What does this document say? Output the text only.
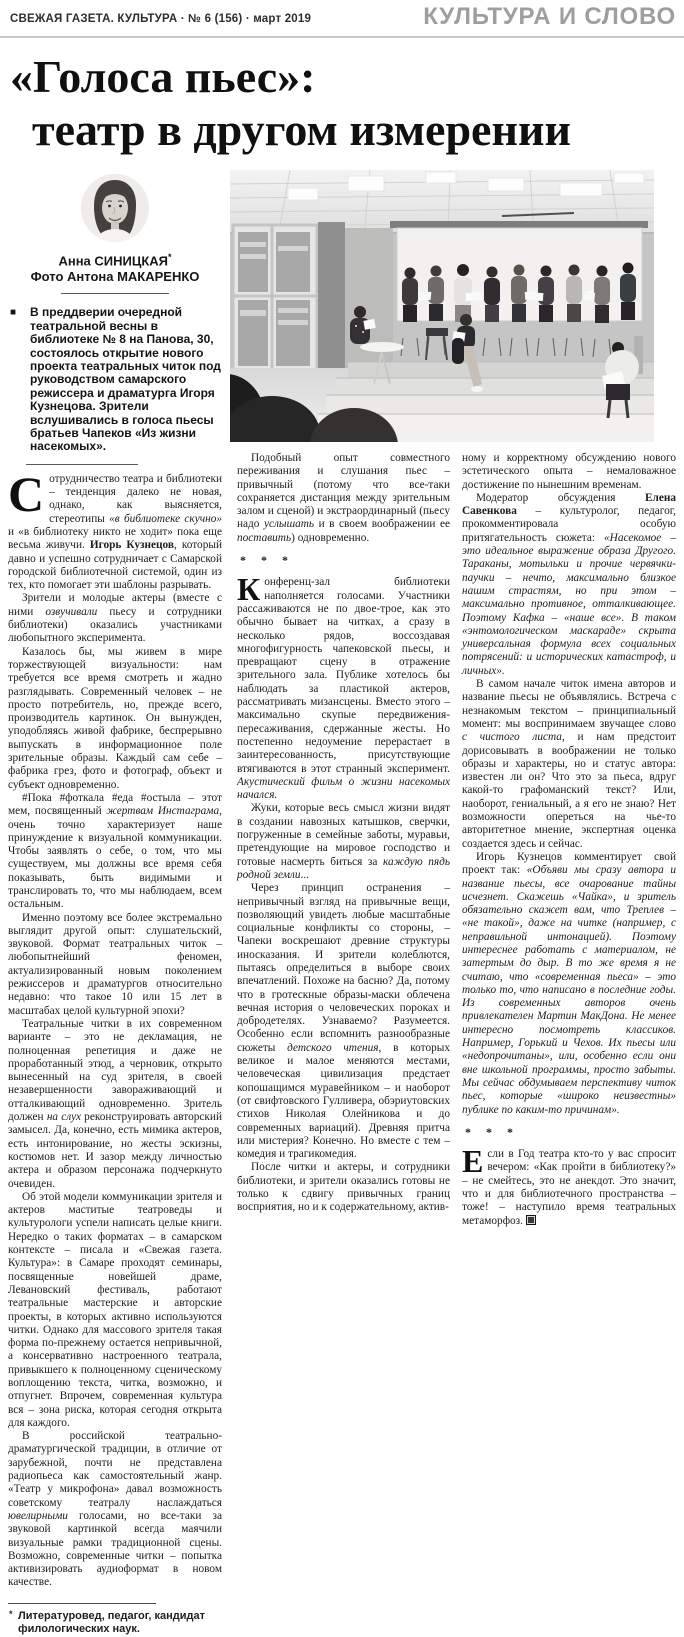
СВЕЖАЯ ГАЗЕТА. КУЛЬТУРА · № 6 (156) · март 2019	КУЛЬТУРА И СЛОВО
«Голоса пьес»:
театр в другом измерении
Анна СИНИЦКАЯ*
Фото Антона МАКАРЕНКО
■ В преддверии очередной театральной весны в библиотеке № 8 на Панова, 30, состоялось открытие нового проекта театральных читок под руководством самарского режиссера и драматурга Игоря Кузнецова. Зрители вслушивались в голоса пьесы братьев Чапеков «Из жизни насекомых».

Сотрудничество театра и библиотеки – тенденция далеко не новая, однако, как выясняется, стереотипы «в библиотеке скучно» и «в библиотеку никто не ходит» пока еще весьма живучи. Игорь Кузнецов, который давно и успешно сотрудничает с Самарской городской библиотечной системой, один из тех, кто помогает эти шаблоны разрывать.

Зрители и молодые актеры (вместе с ними озвучивали пьесу и сотрудники библиотеки) оказались участниками любопытного эксперимента.

Казалось бы, мы живем в мире торжествующей визуальности: нам требуется все время смотреть и жадно разглядывать. Современный человек – не просто потребитель, но, прежде всего, производитель картинок. Он вынужден, уподобляясь живой фабрике, беспрерывно выпускать в информационное поле зрительные образы. Каждый сам себе – фабрика грез, фото и фотограф, объект и субъект одновременно.

#Пока #фоткала #еда #остыла – этот мем, посвященный жертвам Инстаграма, очень точно характеризует наше принуждение к визуальной коммуникации. Чтобы заявлять о себе, о том, что мы существуем, мы должны все время себя показывать, быть видимыми и транслировать то, что мы наблюдаем, всем остальным.

Именно поэтому все более экстремально выглядит другой опыт: слушательский, звуковой. Формат театральных читок – любопытнейший феномен, актуализированный новым поколением режиссеров и драматургов относительно недавно: что такое 10 или 15 лет в масштабах целой культурной эпохи?

Театральные читки в их современном варианте – это не декламация, не полноценная репетиция и даже не проработанный этюд, а черновик, открыто вынесенный на суд зрителя, в своей незавершенности завораживающий и отталкивающий одновременно. Зритель должен на слух реконструировать авторский замысел. Да, конечно, есть мимика актеров, есть интонирование, но жесты эскизны, костюмов нет. И зазор между личностью актера и образом персонажа подчеркнуто очевиден.

Об этой модели коммуникации зрителя и актеров маститые театроведы и культурологи успели написать целые книги. Нередко о таких форматах – в самарском контексте – писала и «Свежая газета. Культура»: в Самаре проходят семинары, посвященные новейшей драме, Левановский фестиваль, работают театральные мастерские и авторские проекты, в которых активно используются читки. Однако для массового зрителя такая форма по-прежнему остается непривычной, а консервативно настроенного театрала, привыкшего к полноценному сценическому воплощению текста, читка, возможно, и отпугнет. Впрочем, современная культура вся – зона риска, которая сегодня открыта для каждого.

В российской театрально-драматургической традиции, в отличие от зарубежной, почти не представлена радиопьеса как самостоятельный жанр. «Театр у микрофона» давал возможность советскому театралу наслаждаться ювелирными голосами, но все-таки за звуковой картинкой всегда маячили визуальные рамки традиционной сцены. Возможно, современные читки – попытка активизировать аудиоформат в новом качестве.

* Литературовед, педагог, кандидат филологических наук.

Подобный опыт совместного переживания и слушания пьес – привычный (потому что все-таки сохраняется дистанция между зрительным залом и сценой) и экстраординарный (пьесу надо услышать и в своем воображении ее поставить) одновременно.

* * *

Конференц-зал библиотеки наполняется голосами. Участники рассаживаются не по двое-трое, как это обычно бывает на читках, а сразу в несколько рядов, воссоздавая многофигурность чапековской пьесы, и превращают сцену в отражение зрительного зала. Публике хотелось бы наблюдать за пластикой актеров, рассматривать мизансцены. Вместо этого – максимально скупые передвижения-пересаживания, сдержанные жесты. Но постепенно недоумение перерастает в заинтересованность, присутствующие втягиваются в этот странный эксперимент. Акустический фильм о жизни насекомых начался.

Жуки, которые весь смысл жизни видят в создании навозных катышков, сверчки, погруженные в семейные заботы, муравьи, претендующие на мировое господство и готовые насмерть биться за каждую пядь родной земли...

Через принцип остранения – непривычный взгляд на привычные вещи, позволяющий увидеть любые масштабные социальные конфликты со стороны, – Чапеки воскрешают древние структуры иносказания. И зрители колеблются, пытаясь определиться в выборе своих впечатлений. Похоже на басню? Да, потому что в гротескные образы-маски облечена вечная история о человеческих пороках и добродетелях. Узнаваемо? Разумеется. Особенно если вспомнить разнообразные сюжеты детского чтения, в которых великое и малое меняются местами, человеческая цивилизация предстает копошащимся муравейником – и наоборот (от свифтовского Гулливера, обэриутовских стихов Николая Олейникова и до современных вариаций). Древняя притча или мистерия? Конечно. Но вместе с тем – комедия и трагикомедия.

После читки и актеры, и сотрудники библиотеки, и зрители оказались готовы не только к сдвигу привычных границ восприятия, но и к содержательному, актив-

ному и корректному обсуждению нового эстетического опыта – немаловажное достижение по нынешним временам.

Модератор обсуждения Елена Савенкова – культуролог, педагог, прокомментировала особую притягательность сюжета: «Насекомое – это идеальное выражение образа Другого. Тараканы, мотыльки и прочие червячки-паучки – нечто, максимально близкое нашим страстям, но при этом – максимально противное, отталкивающее. Поэтому Кафка – «наше все». В таком «энтомологическом маскараде» скрыта универсальная формула всех социальных потрясений: и исторических катастроф, и личных».

В самом начале читок имена авторов и название пьесы не объявлялись. Встреча с незнакомым текстом – принципиальный момент: мы воспринимаем звучащее слово с чистого листа, и нам предстоит дорисовывать в воображении не только образы и характеры, но и статус автора: известен ли он? Что это за пьеса, вдруг какой-то графоманский текст? Или, наоборот, гениальный, а я его не знаю? Нет возможности опереться на чье-то авторитетное мнение, экспертная оценка создается здесь и сейчас.

Игорь Кузнецов комментирует свой проект так: «Объяви мы сразу автора и название пьесы, все очарование тайны исчезнет. Скажешь «Чайка», и зритель обязательно скажет вам, что Треплев – «не такой», даже на читке (например, с неправильной интонацией). Поэтому интереснее работать с материалом, не затертым до дыр. В то же время я не считаю, что «современная пьеса» – это только то, что написано в последние годы. Из современных авторов очень привлекателен Мартин МакДона. Не менее интересно посмотреть классиков. Например, Горький и Чехов. Их пьесы или «недопрочитаны», или, особенно если они вне школьной программы, просто забыты. Мы сейчас обдумываем перспективу читок пьес, которые «широко неизвестны» публике по каким-то причинам».

* * *

Если в Год театра кто-то у вас спросит вечером: «Как пройти в библиотеку?» – не смейтесь, это не анекдот. Это значит, что и для библиотечного пространства – тоже! – наступило время театральных метаморфоз.
